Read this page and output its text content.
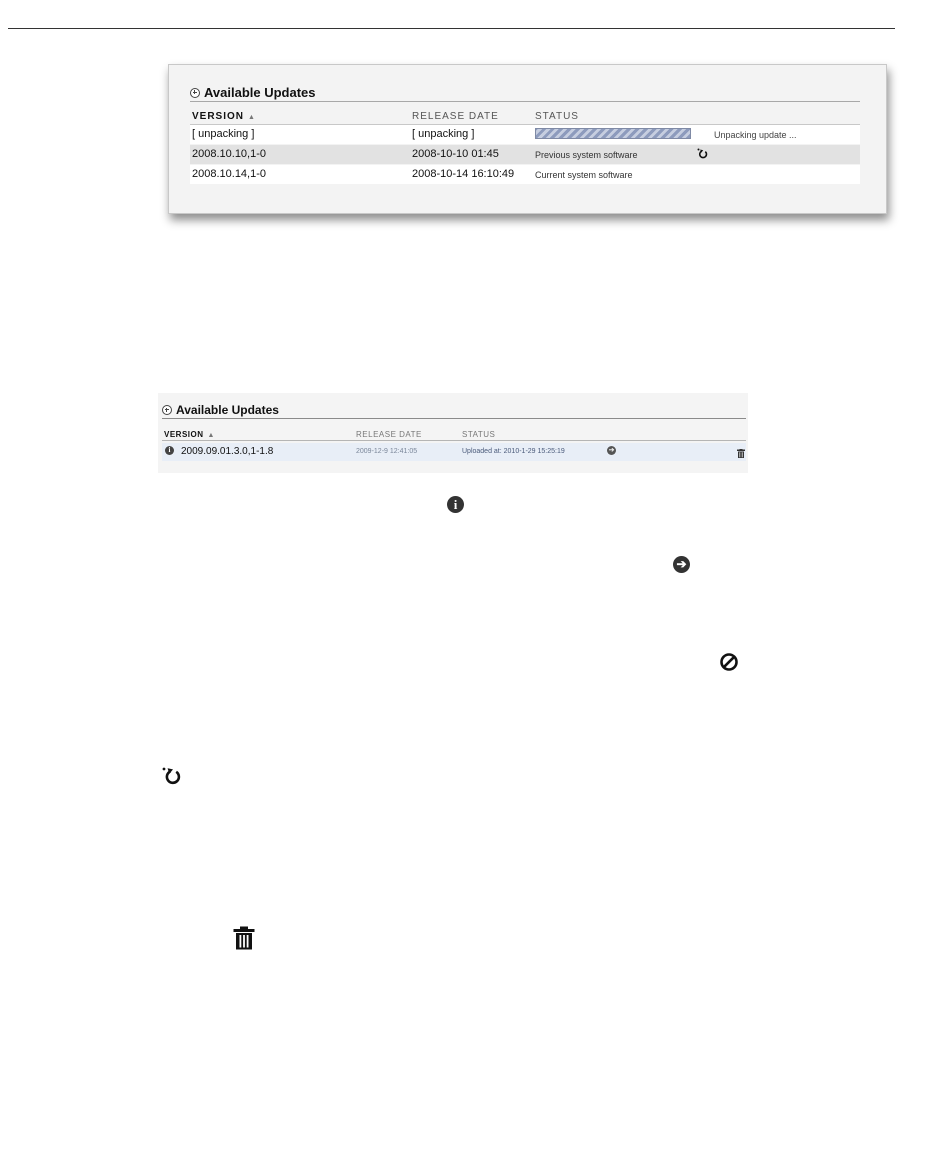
Available Updates
VERSION ▲	RELEASE DATE	STATUS
[ unpacking ]	[ unpacking ]	Unpacking update ...
2008.10.10,1-0	2008-10-10 01:45	Previous system software
2008.10.14,1-0	2008-10-14 16:10:49 Current system software
Available Updates
VERSION ▲	RELEASE DATE	STATUS
i	2009.09.01.3.0,1-1.8	2009-12-9 12:41:05	Uploaded at: 2010-1-29 15:25:19	➔
i
➔
